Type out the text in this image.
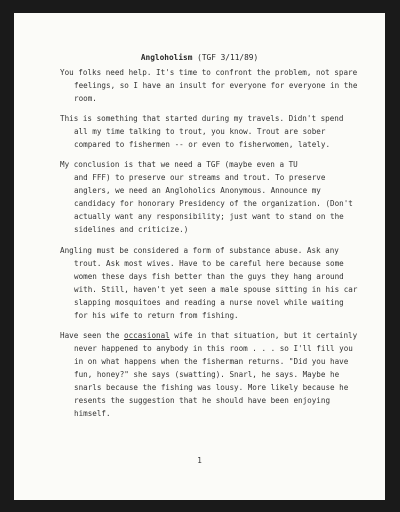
Angloholism (TGF 3/11/89)
You folks need help. It's time to confront the problem, not spare
feelings, so I have an insult for everyone for everyone in the
room.
This is something that started during my travels. Didn't spend
all my time talking to trout, you know. Trout are sober
compared to fishermen -- or even to fisherwomen, lately.
My conclusion is that we need a TGF (maybe even a TU
and FFF) to preserve our streams and trout. To preserve
anglers, we need an Angloholics Anonymous. Announce my
candidacy for honorary Presidency of the organization. (Don't
actually want any responsibility; just want to stand on the
sidelines and criticize.)
Angling must be considered a form of substance abuse. Ask any
trout. Ask most wives. Have to be careful here because some
women these days fish better than the guys they hang around
with. Still, haven't yet seen a male spouse sitting in his car
slapping mosquitoes and reading a nurse novel while waiting
for his wife to return from fishing.
Have seen the occasional wife in that situation, but it certainly
never happened to anybody in this room . . . so I'll fill you
in on what happens when the fisherman returns. "Did you have
fun, honey?" she says (swatting). Snarl, he says. Maybe he
snarls because the fishing was lousy. More likely because he
resents the suggestion that he should have been enjoying
himself.
1
